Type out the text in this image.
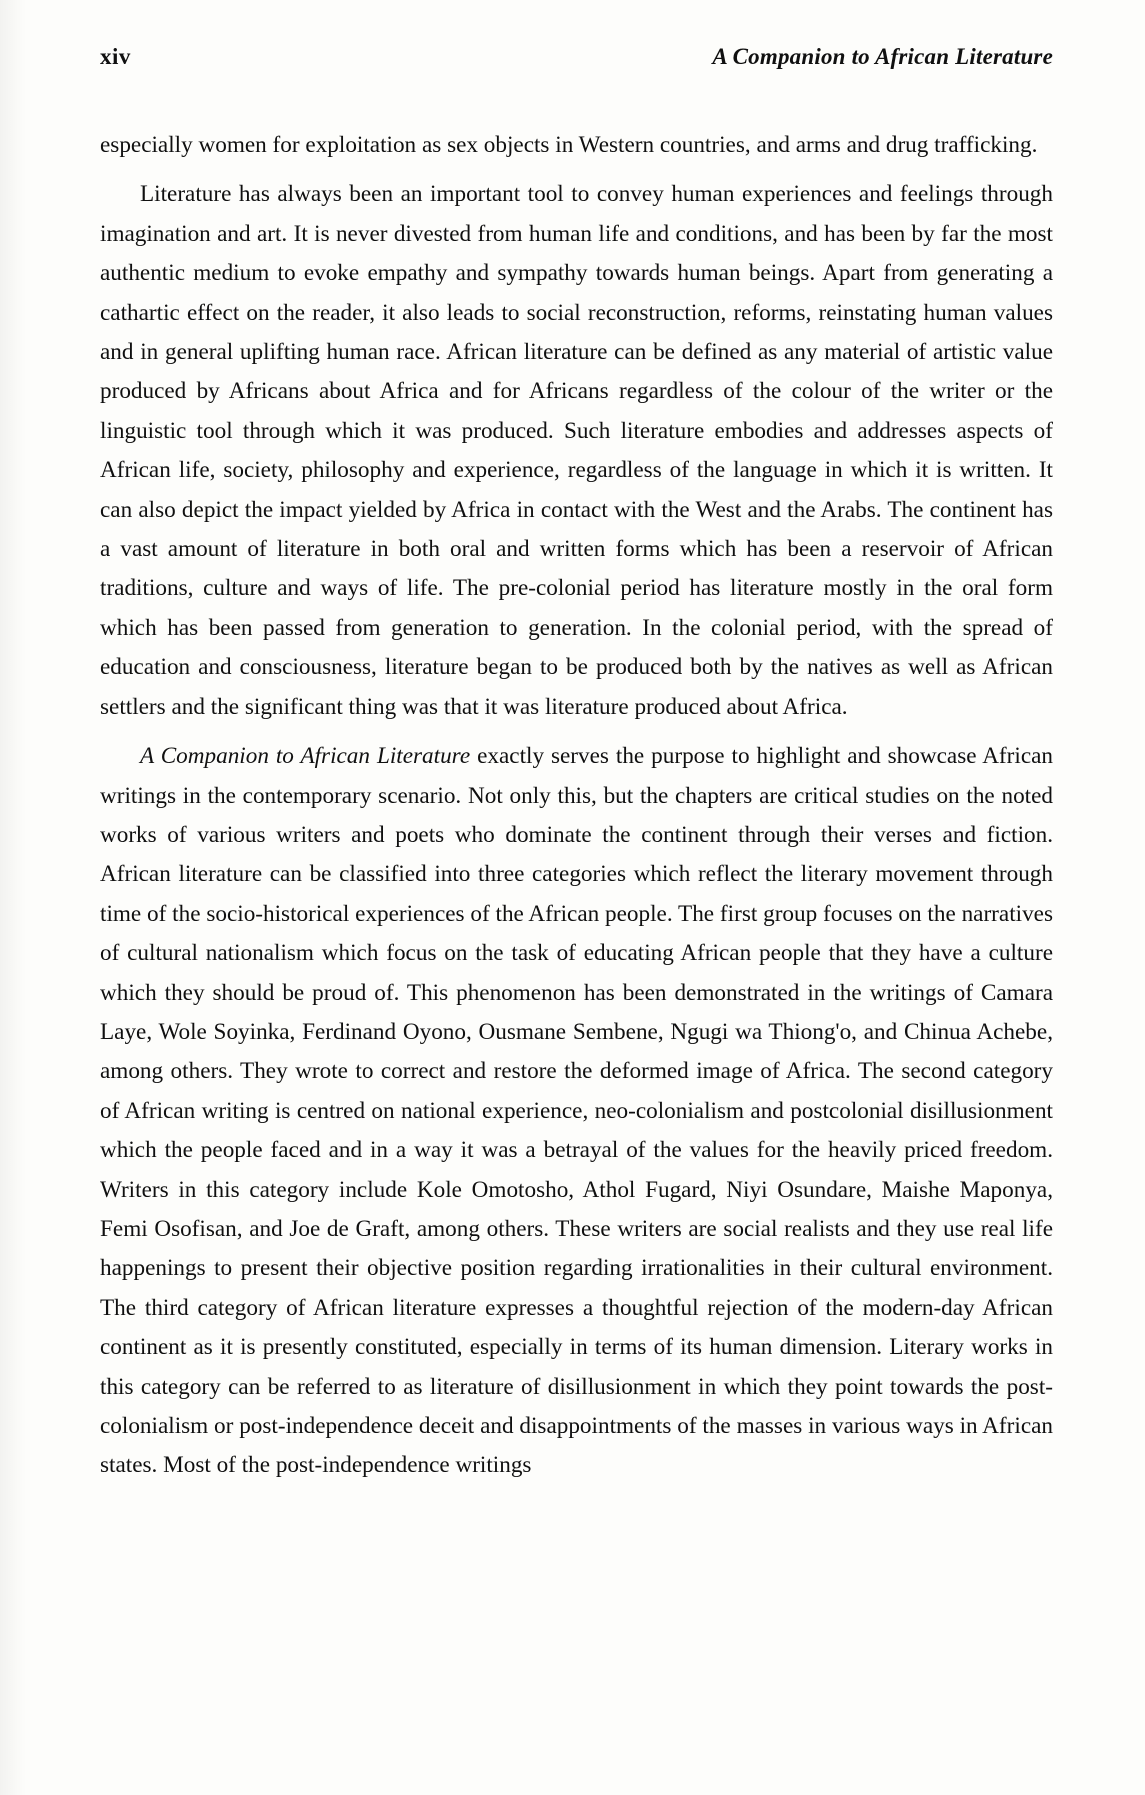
xiv	A Companion to African Literature

especially women for exploitation as sex objects in Western countries, and arms and drug trafficking.

Literature has always been an important tool to convey human experiences and feelings through imagination and art. It is never divested from human life and conditions, and has been by far the most authentic medium to evoke empathy and sympathy towards human beings. Apart from generating a cathartic effect on the reader, it also leads to social reconstruction, reforms, reinstating human values and in general uplifting human race. African literature can be defined as any material of artistic value produced by Africans about Africa and for Africans regardless of the colour of the writer or the linguistic tool through which it was produced. Such literature embodies and addresses aspects of African life, society, philosophy and experience, regardless of the language in which it is written. It can also depict the impact yielded by Africa in contact with the West and the Arabs. The continent has a vast amount of literature in both oral and written forms which has been a reservoir of African traditions, culture and ways of life. The pre-colonial period has literature mostly in the oral form which has been passed from generation to generation. In the colonial period, with the spread of education and consciousness, literature began to be produced both by the natives as well as African settlers and the significant thing was that it was literature produced about Africa.

A Companion to African Literature exactly serves the purpose to highlight and showcase African writings in the contemporary scenario. Not only this, but the chapters are critical studies on the noted works of various writers and poets who dominate the continent through their verses and fiction. African literature can be classified into three categories which reflect the literary movement through time of the socio-historical experiences of the African people. The first group focuses on the narratives of cultural nationalism which focus on the task of educating African people that they have a culture which they should be proud of. This phenomenon has been demonstrated in the writings of Camara Laye, Wole Soyinka, Ferdinand Oyono, Ousmane Sembene, Ngugi wa Thiong'o, and Chinua Achebe, among others. They wrote to correct and restore the deformed image of Africa. The second category of African writing is centred on national experience, neo-colonialism and postcolonial disillusionment which the people faced and in a way it was a betrayal of the values for the heavily priced freedom. Writers in this category include Kole Omotosho, Athol Fugard, Niyi Osundare, Maishe Maponya, Femi Osofisan, and Joe de Graft, among others. These writers are social realists and they use real life happenings to present their objective position regarding irrationalities in their cultural environment. The third category of African literature expresses a thoughtful rejection of the modern-day African continent as it is presently constituted, especially in terms of its human dimension. Literary works in this category can be referred to as literature of disillusionment in which they point towards the post-colonialism or post-independence deceit and disappointments of the masses in various ways in African states. Most of the post-independence writings
